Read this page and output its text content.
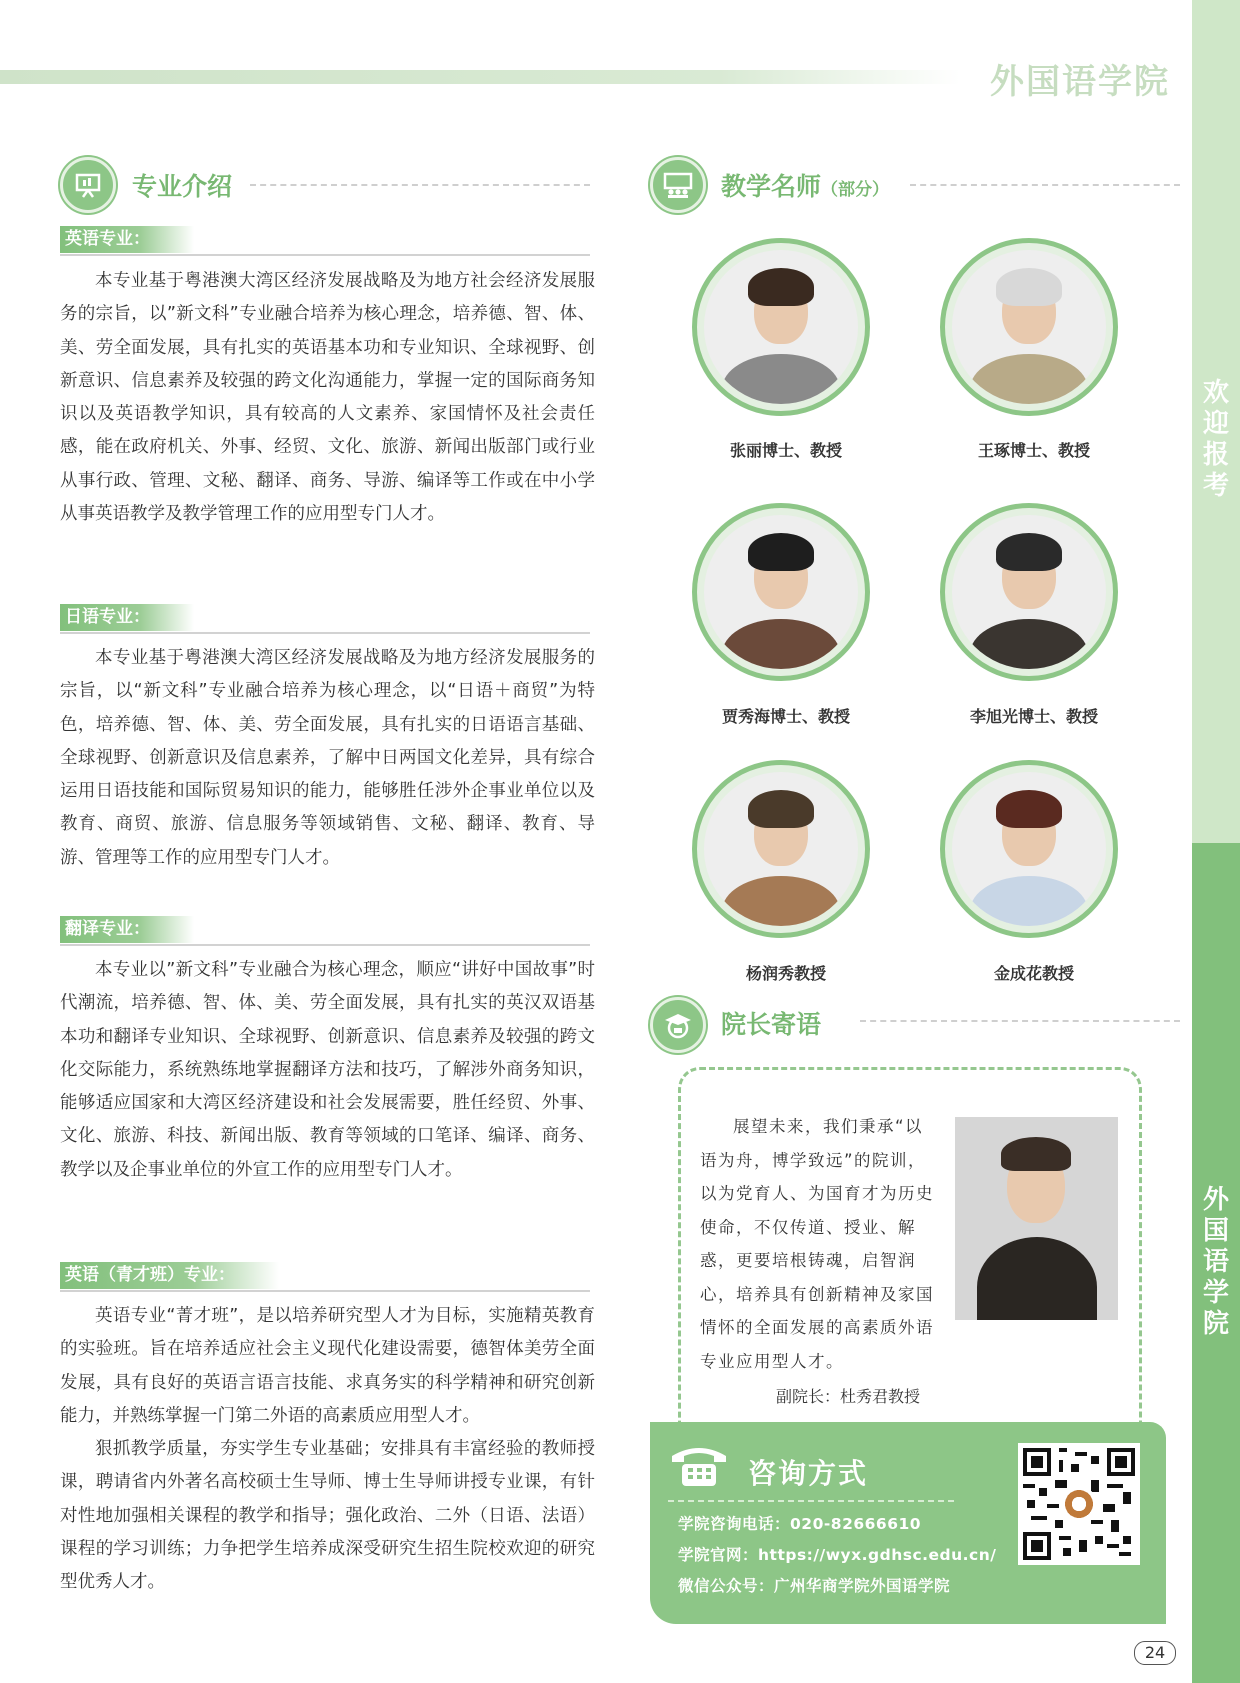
欢
迎
报
考
外
国
语
学
院
外国语学院
专业介绍
英语专业：

本专业基于粤港澳大湾区经济发展战略及为地方社会经济发展服务的宗旨，以”新文科”专业融合培养为核心理念，培养德、智、体、美、劳全面发展，具有扎实的英语基本功和专业知识、全球视野、创新意识、信息素养及较强的跨文化沟通能力，掌握一定的国际商务知识以及英语教学知识，具有较高的人文素养、家国情怀及社会责任感，能在政府机关、外事、经贸、文化、旅游、新闻出版部门或行业从事行政、管理、文秘、翻译、商务、导游、编译等工作或在中小学从事英语教学及教学管理工作的应用型专门人才。

日语专业：

本专业基于粤港澳大湾区经济发展战略及为地方经济发展服务的宗旨，以“新文科”专业融合培养为核心理念，以“日语＋商贸”为特色，培养德、智、体、美、劳全面发展，具有扎实的日语语言基础、全球视野、创新意识及信息素养，了解中日两国文化差异，具有综合运用日语技能和国际贸易知识的能力，能够胜任涉外企事业单位以及教育、商贸、旅游、信息服务等领域销售、文秘、翻译、教育、导游、管理等工作的应用型专门人才。

翻译专业：

本专业以”新文科”专业融合为核心理念，顺应“讲好中国故事”时代潮流，培养德、智、体、美、劳全面发展，具有扎实的英汉双语基本功和翻译专业知识、全球视野、创新意识、信息素养及较强的跨文化交际能力，系统熟练地掌握翻译方法和技巧，了解涉外商务知识，能够适应国家和大湾区经济建设和社会发展需要，胜任经贸、外事、文化、旅游、科技、新闻出版、教育等领域的口笔译、编译、商务、教学以及企事业单位的外宣工作的应用型专门人才。

英语（青才班）专业：

英语专业“菁才班”，是以培养研究型人才为目标，实施精英教育的实验班。旨在培养适应社会主义现代化建设需要，德智体美劳全面发展，具有良好的英语言语言技能、求真务实的科学精神和研究创新能力，并熟练掌握一门第二外语的高素质应用型人才。

狠抓教学质量，夯实学生专业基础；安排具有丰富经验的教师授课，聘请省内外著名高校硕士生导师、博士生导师讲授专业课，有针对性地加强相关课程的教学和指导；强化政治、二外（日语、法语）课程的学习训练；力争把学生培养成深受研究生招生院校欢迎的研究型优秀人才。

教学名师（部分）
张丽博士、教授	王琢博士、教授
贾秀海博士、教授	李旭光博士、教授
杨润秀教授	金成花教授
院长寄语

展望未来，我们秉承“以语为舟，博学致远”的院训，以为党育人、为国育才为历史使命，不仅传道、授业、解惑，更要培根铸魂，启智润心，培养具有创新精神及家国情怀的全面发展的高素质外语专业应用型人才。

副院长：杜秀君教授
咨询方式
学院咨询电话：020-82666610
学院官网：https://wyx.gdhsc.edu.cn/
微信公众号：广州华商学院外国语学院
24
